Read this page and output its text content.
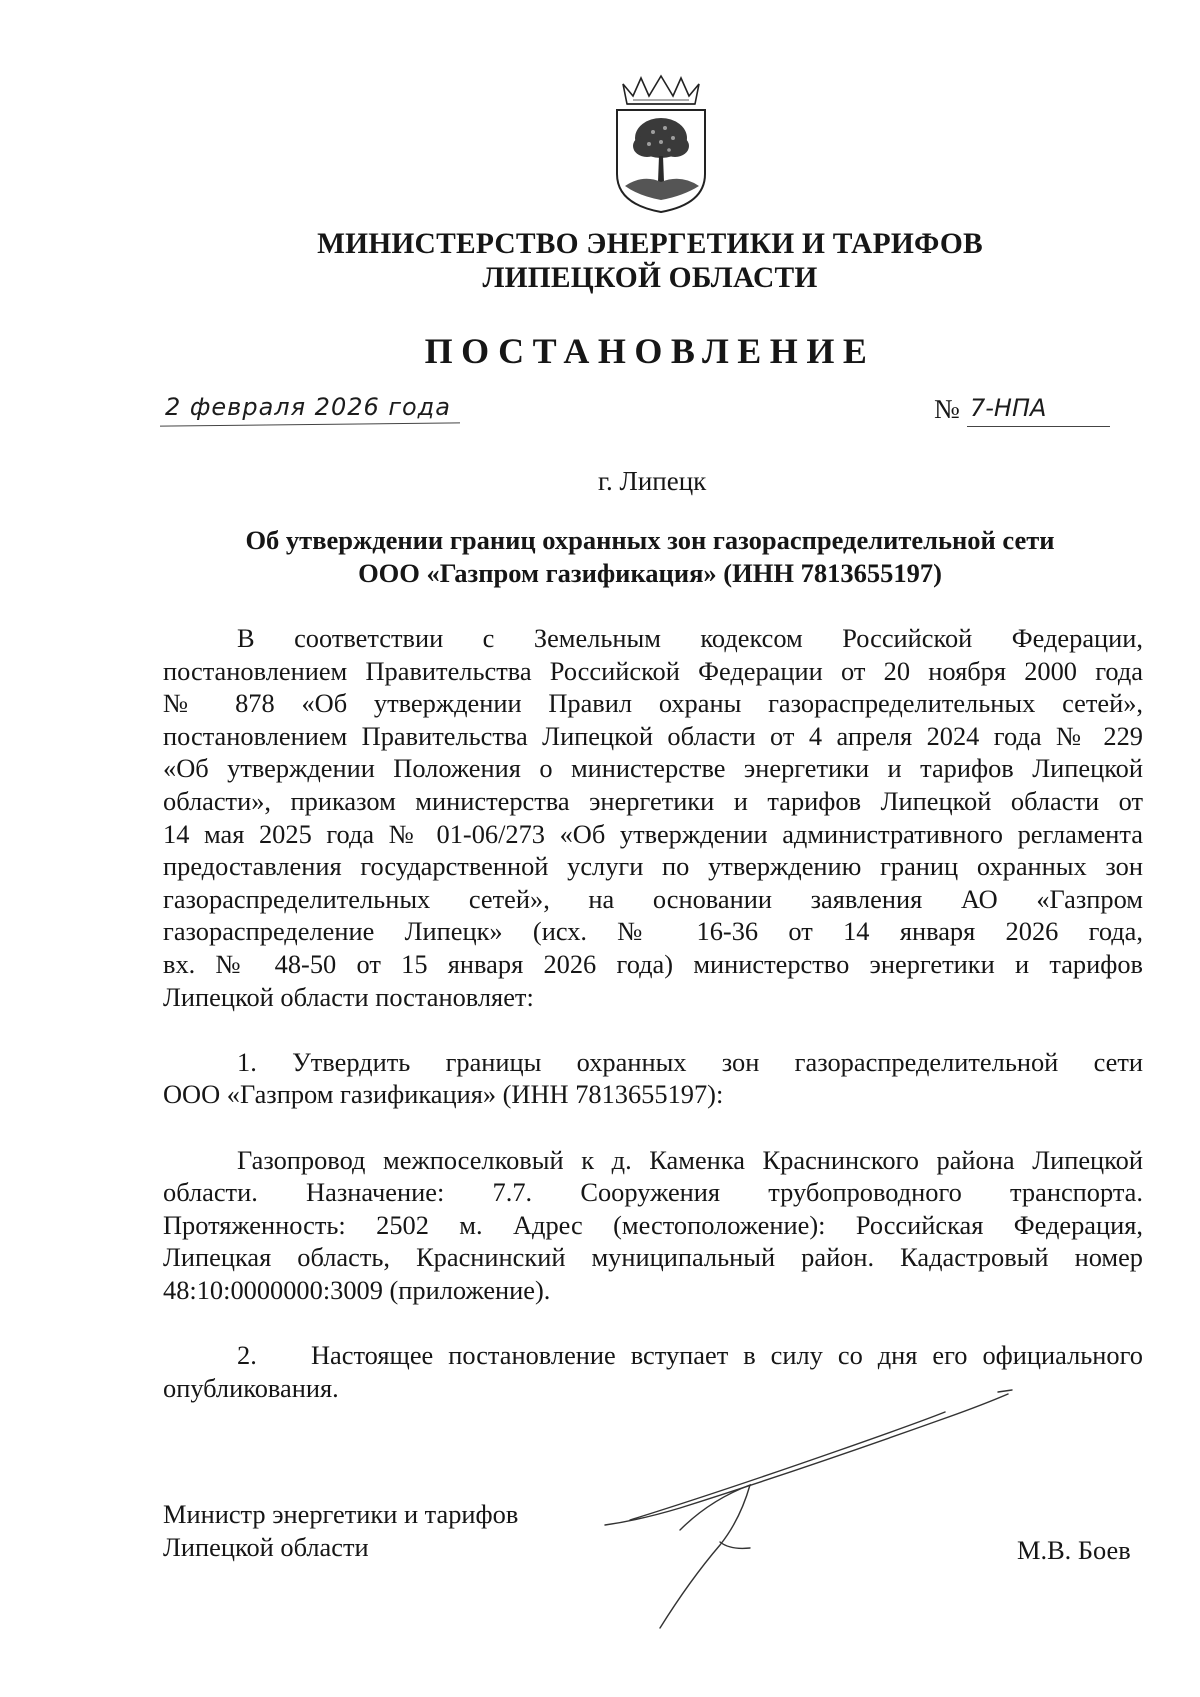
МИНИСТЕРСТВО ЭНЕРГЕТИКИ И ТАРИФОВ
ЛИПЕЦКОЙ ОБЛАСТИ
ПОСТАНОВЛЕНИЕ
2 февраля 2026 года	№ 7-НПА
г. Липецк
Об утверждении границ охранных зон газораспределительной сети
ООО «Газпром газификация» (ИНН 7813655197)
В соответствии с Земельным кодексом Российской Федерации,
постановлением Правительства Российской Федерации от 20 ноября 2000 года
№ 878 «Об утверждении Правил охраны газораспределительных сетей»,
постановлением Правительства Липецкой области от 4 апреля 2024 года № 229
«Об утверждении Положения о министерстве энергетики и тарифов Липецкой
области», приказом министерства энергетики и тарифов Липецкой области от
14 мая 2025 года № 01-06/273 «Об утверждении административного регламента
предоставления государственной услуги по утверждению границ охранных зон
газораспределительных сетей», на основании заявления АО «Газпром
газораспределение Липецк» (исх. № 16-36 от 14 января 2026 года,
вх. № 48-50 от 15 января 2026 года) министерство энергетики и тарифов
Липецкой области постановляет:
1. Утвердить границы охранных зон газораспределительной сети
ООО «Газпром газификация» (ИНН 7813655197):
Газопровод межпоселковый к д. Каменка Краснинского района Липецкой
области. Назначение: 7.7. Сооружения трубопроводного транспорта.
Протяженность: 2502 м. Адрес (местоположение): Российская Федерация,
Липецкая область, Краснинский муниципальный район. Кадастровый номер
48:10:0000000:3009 (приложение).
2. Настоящее постановление вступает в силу со дня его официального
опубликования.
Министр энергетики и тарифов
Липецкой области	М.В. Боев
